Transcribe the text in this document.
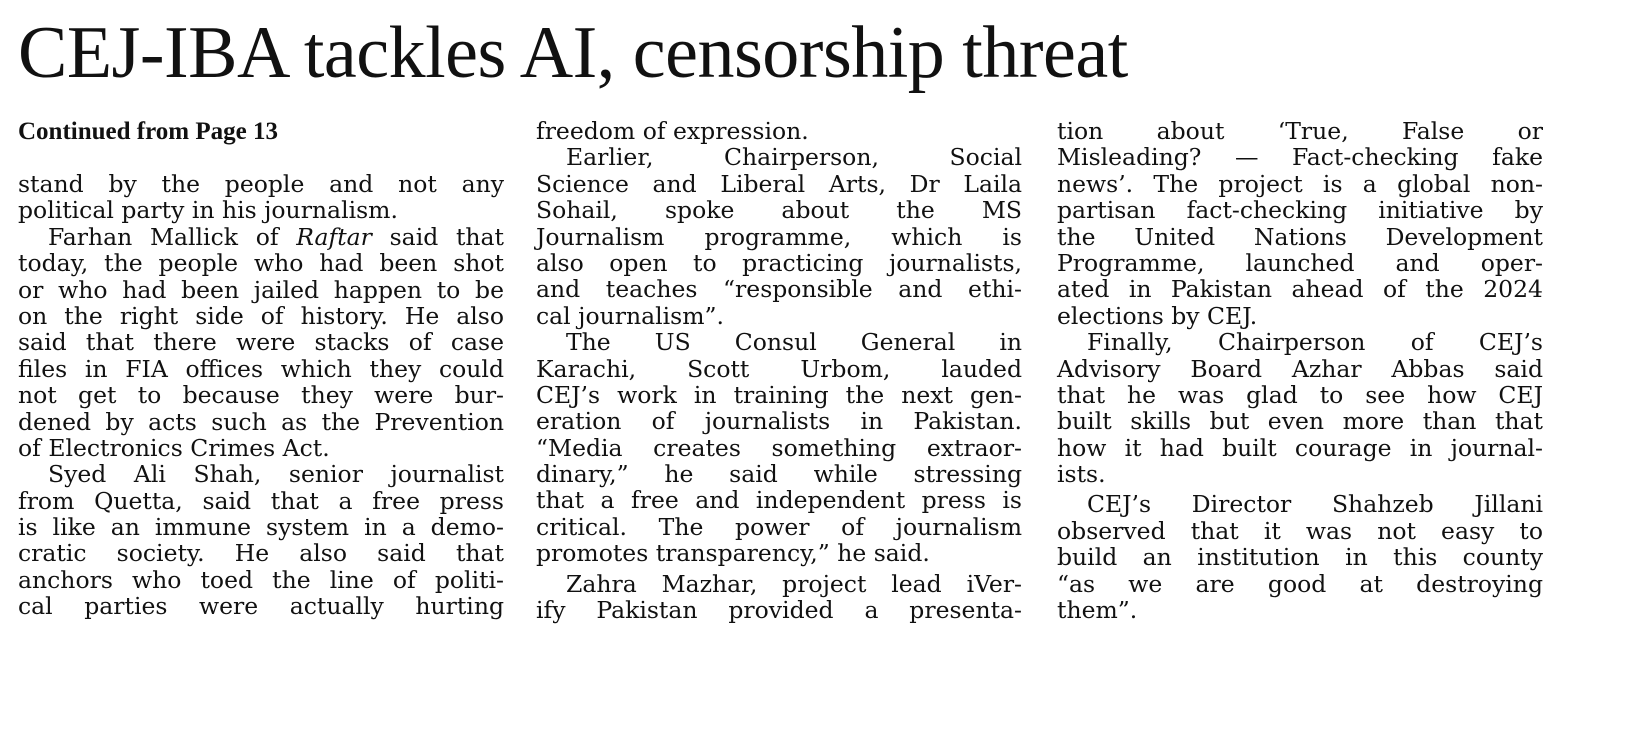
CEJ-IBA tackles AI, censorship threat
Continued from Page 13
stand by the people and not any
political party in his journalism.
Farhan Mallick of Raftar said that
today, the people who had been shot
or who had been jailed happen to be
on the right side of history. He also
said that there were stacks of case
files in FIA offices which they could
not get to because they were bur-
dened by acts such as the Prevention
of Electronics Crimes Act.
Syed Ali Shah, senior journalist
from Quetta, said that a free press
is like an immune system in a demo-
cratic society. He also said that
anchors who toed the line of politi-
cal parties were actually hurting
freedom of expression.
Earlier, Chairperson, Social
Science and Liberal Arts, Dr Laila
Sohail, spoke about the MS
Journalism programme, which is
also open to practicing journalists,
and teaches “responsible and ethi-
cal journalism”.
The US Consul General in
Karachi, Scott Urbom, lauded
CEJ’s work in training the next gen-
eration of journalists in Pakistan.
“Media creates something extraor-
dinary,” he said while stressing
that a free and independent press is
critical. The power of journalism
promotes transparency,” he said.
Zahra Mazhar, project lead iVer-
ify Pakistan provided a presenta-
tion about ‘True, False or
Misleading? — Fact-checking fake
news’. The project is a global non-
partisan fact-checking initiative by
the United Nations Development
Programme, launched and oper-
ated in Pakistan ahead of the 2024
elections by CEJ.
Finally, Chairperson of CEJ’s
Advisory Board Azhar Abbas said
that he was glad to see how CEJ
built skills but even more than that
how it had built courage in journal-
ists.
CEJ’s Director Shahzeb Jillani
observed that it was not easy to
build an institution in this county
“as we are good at destroying
them”.
